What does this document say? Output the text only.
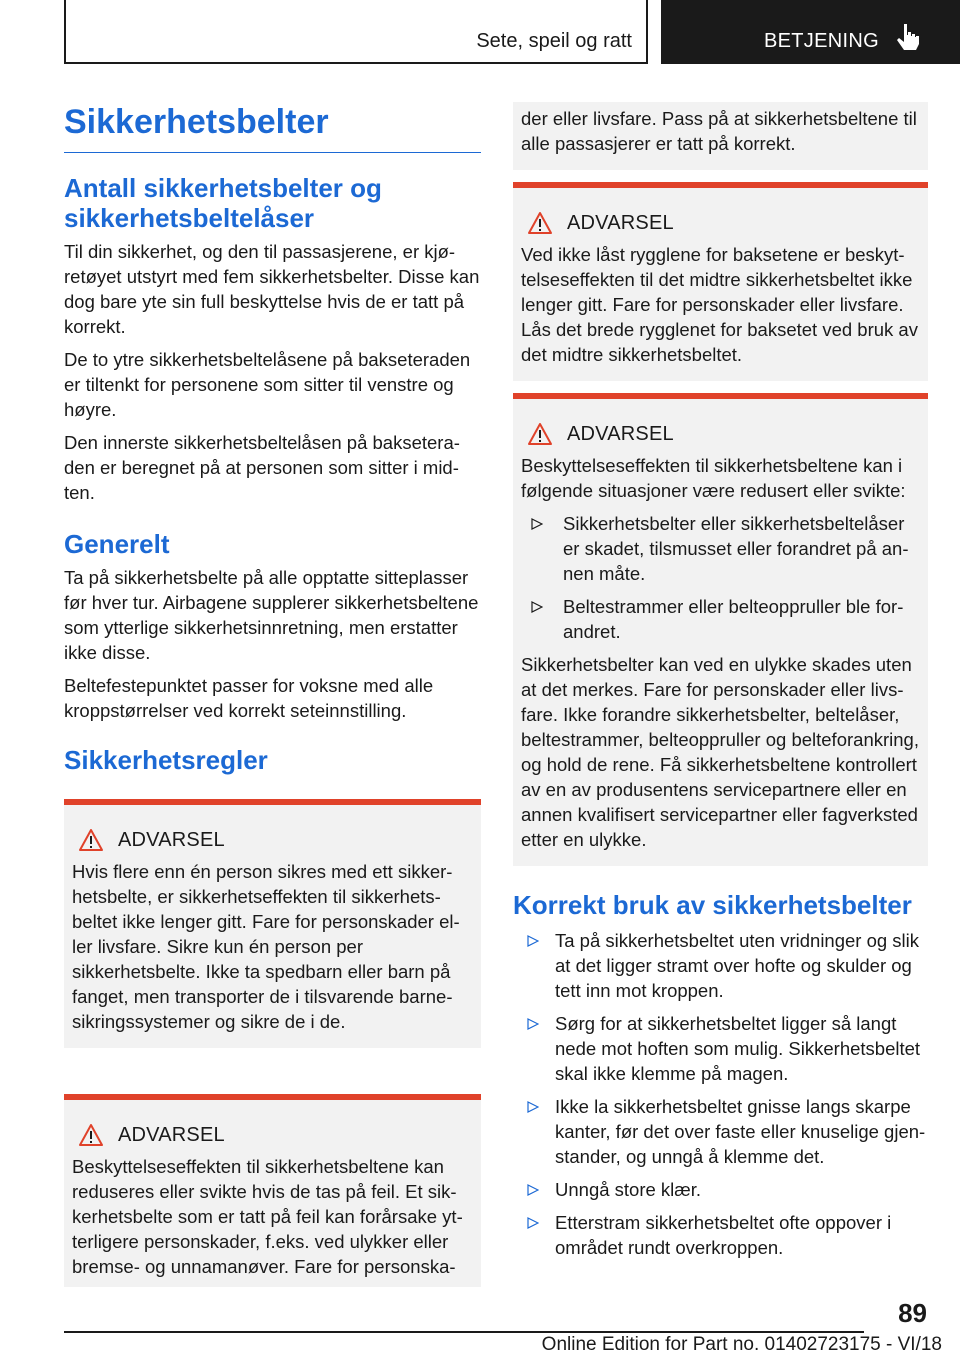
Sete, speil og ratt	BETJENING
Sikkerhetsbelter
Antall sikkerhetsbelter og sikkerhetsbeltelåser

Til din sikkerhet, og den til passasjerene, er kjøretøyet utstyrt med fem sikkerhetsbelter. Disse kan dog bare yte sin full beskyttelse hvis de er tatt på korrekt.

De to ytre sikkerhetsbeltelåsene på bakseteraden er tiltenkt for personene som sitter til venstre og høyre.

Den innerste sikkerhetsbeltelåsen på bakseteraden er beregnet på at personen som sitter i midten.

Generelt

Ta på sikkerhetsbelte på alle opptatte sitteplasser før hver tur. Airbagene supplerer sikkerhetsbeltene som ytterlige sikkerhetsinnretning, men erstatter ikke disse.

Beltefestepunktet passer for voksne med alle kroppstørrelser ved korrekt seteinnstilling.

Sikkerhetsregler
ADVARSEL

Hvis flere enn én person sikres med ett sikkerhetsbelte, er sikkerhetseffekten til sikkerhetsbeltet ikke lenger gitt. Fare for personskader eller livsfare. Sikre kun én person per sikkerhetsbelte. Ikke ta spedbarn eller barn på fanget, men transporter de i tilsvarende barnesikringssystemer og sikre de i de.

ADVARSEL

Beskyttelseseffekten til sikkerhetsbeltene kan reduseres eller svikte hvis de tas på feil. Et sikkerhetsbelte som er tatt på feil kan forårsake ytterligere personskader, f.eks. ved ulykker eller bremse- og unnamanøver. Fare for personska-

der eller livsfare. Pass på at sikkerhetsbeltene til alle passasjerer er tatt på korrekt.

ADVARSEL

Ved ikke låst rygglene for baksetene er beskyttelseseffekten til det midtre sikkerhetsbeltet ikke lenger gitt. Fare for personskader eller livsfare. Lås det brede rygglenet for baksetet ved bruk av det midtre sikkerhetsbeltet.

ADVARSEL

Beskyttelseseffekten til sikkerhetsbeltene kan i følgende situasjoner være redusert eller svikte:

Sikkerhetsbelter eller sikkerhetsbeltelåser er skadet, tilsmusset eller forandret på annen måte.
Beltestrammer eller belteoppruller ble forandret.

Sikkerhetsbelter kan ved en ulykke skades uten at det merkes. Fare for personskader eller livsfare. Ikke forandre sikkerhetsbelter, beltelåser, beltestrammer, belteoppruller og belteforankring, og hold de rene. Få sikkerhetsbeltene kontrollert av en av produsentens servicepartnere eller en annen kvalifisert servicepartner eller fagverksted etter en ulykke.

Korrekt bruk av sikkerhetsbelter
Ta på sikkerhetsbeltet uten vridninger og slik at det ligger stramt over hofte og skulder og tett inn mot kroppen.
Sørg for at sikkerhetsbeltet ligger så langt nede mot hoften som mulig. Sikkerhetsbeltet skal ikke klemme på magen.
Ikke la sikkerhetsbeltet gnisse langs skarpe kanter, før det over faste eller knuselige gjenstander, og unngå å klemme det.
Unngå store klær.
Etterstram sikkerhetsbeltet ofte oppover i området rundt overkroppen.
89
Online Edition for Part no. 01402723175 - VI/18
